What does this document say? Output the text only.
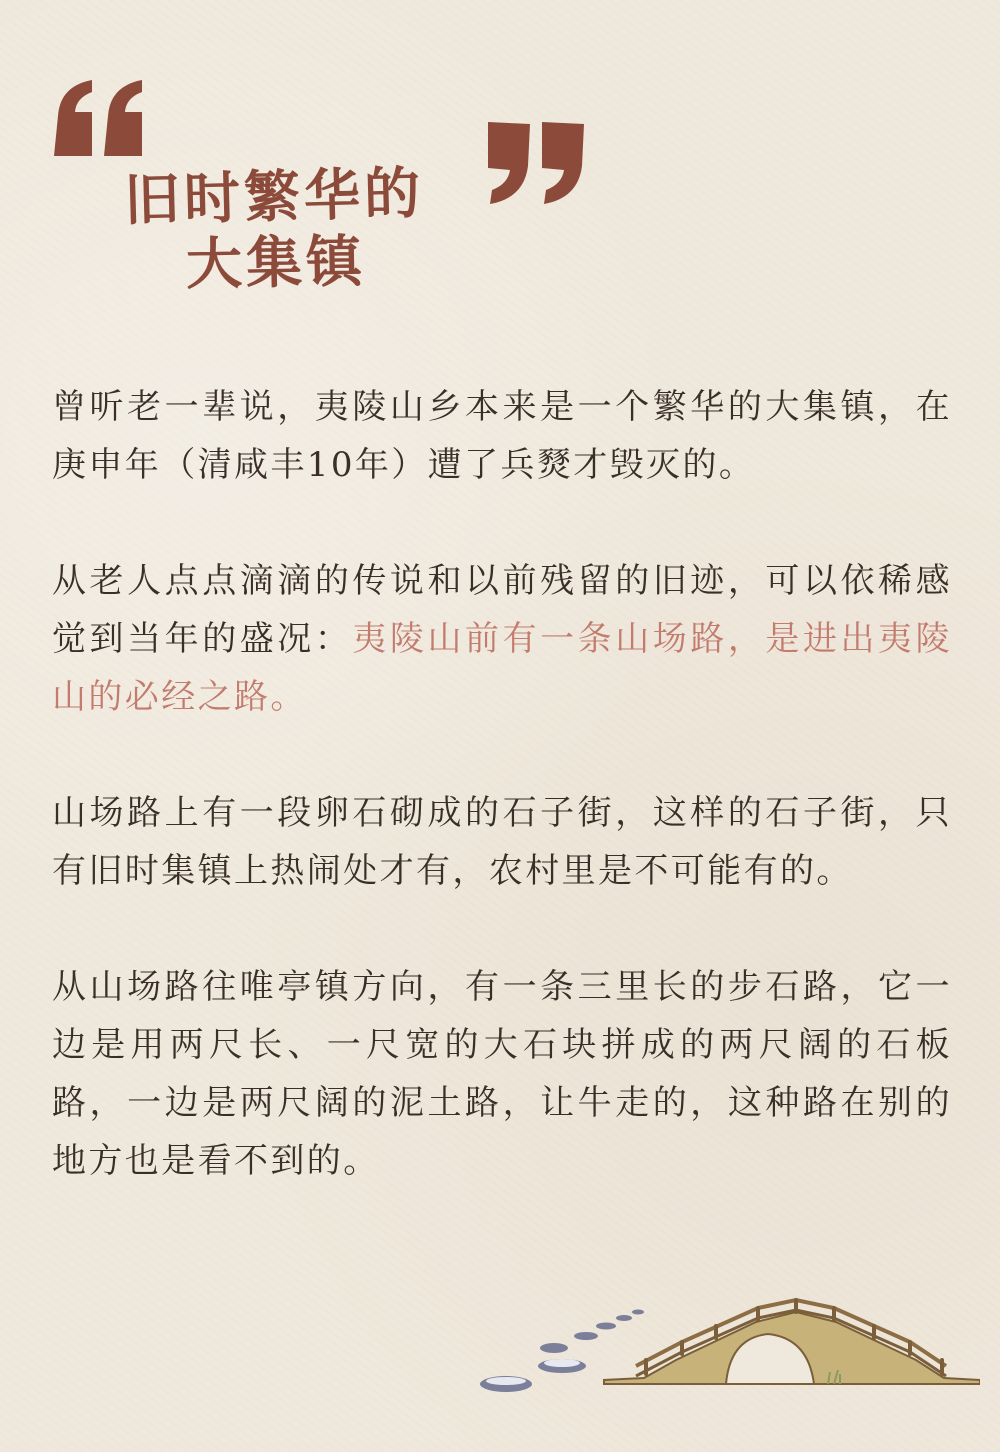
旧时繁华的
大集镇

曾听老一辈说，夷陵山乡本来是一个繁华的大集镇，在庚申年（清咸丰10年）遭了兵燹才毁灭的。

从老人点点滴滴的传说和以前残留的旧迹，可以依稀感觉到当年的盛况：夷陵山前有一条山场路，是进出夷陵山的必经之路。

山场路上有一段卵石砌成的石子街，这样的石子街，只有旧时集镇上热闹处才有，农村里是不可能有的。

从山场路往唯亭镇方向，有一条三里长的步石路，它一边是用两尺长、一尺宽的大石块拼成的两尺阔的石板路，一边是两尺阔的泥土路，让牛走的，这种路在别的地方也是看不到的。
